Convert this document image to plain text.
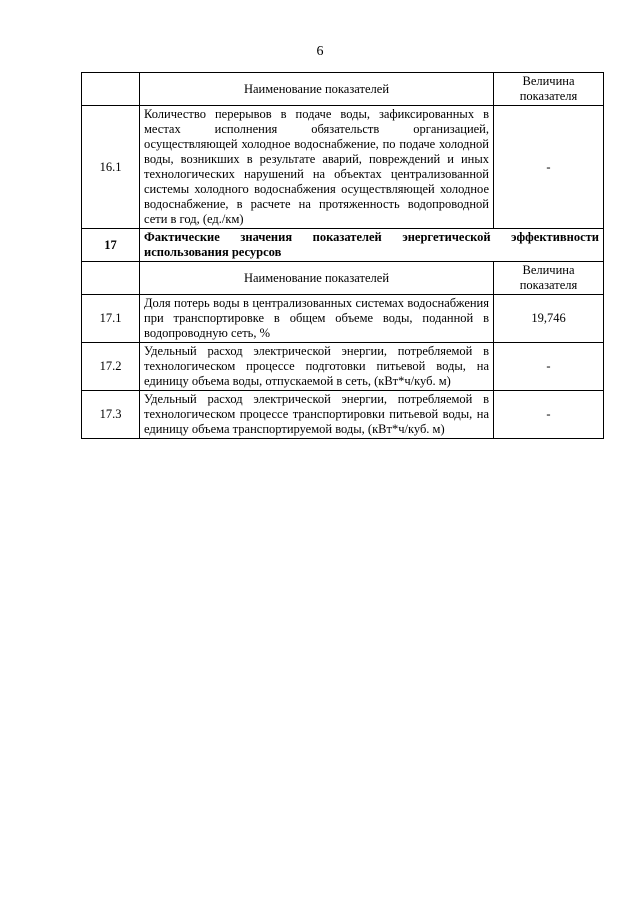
6
	Наименование показателей	Величина показателя
16.1	Количество перерывов в подаче воды, зафиксированных в местах исполнения обязательств организацией, осуществляющей холодное водоснабжение, по подаче холодной воды, возникших в результате аварий, повреждений и иных технологических нарушений на объектах централизованной системы холодного водоснабжения осуществляющей холодное водоснабжение, в расчете на протяженность водопроводной сети в год, (ед./км)	-
17	Фактические значения показателей энергетической эффективности использования ресурсов	
	Наименование показателей	Величина показателя
17.1	Доля потерь воды в централизованных системах водоснабжения при транспортировке в общем объеме воды, поданной в водопроводную сеть, %	19,746
17.2	Удельный расход электрической энергии, потребляемой в технологическом процессе подготовки питьевой воды, на единицу объема воды, отпускаемой в сеть, (кВт*ч/куб. м)	-
17.3	Удельный расход электрической энергии, потребляемой в технологическом процессе транспортировки питьевой воды, на единицу объема транспортируемой воды, (кВт*ч/куб. м)	-
